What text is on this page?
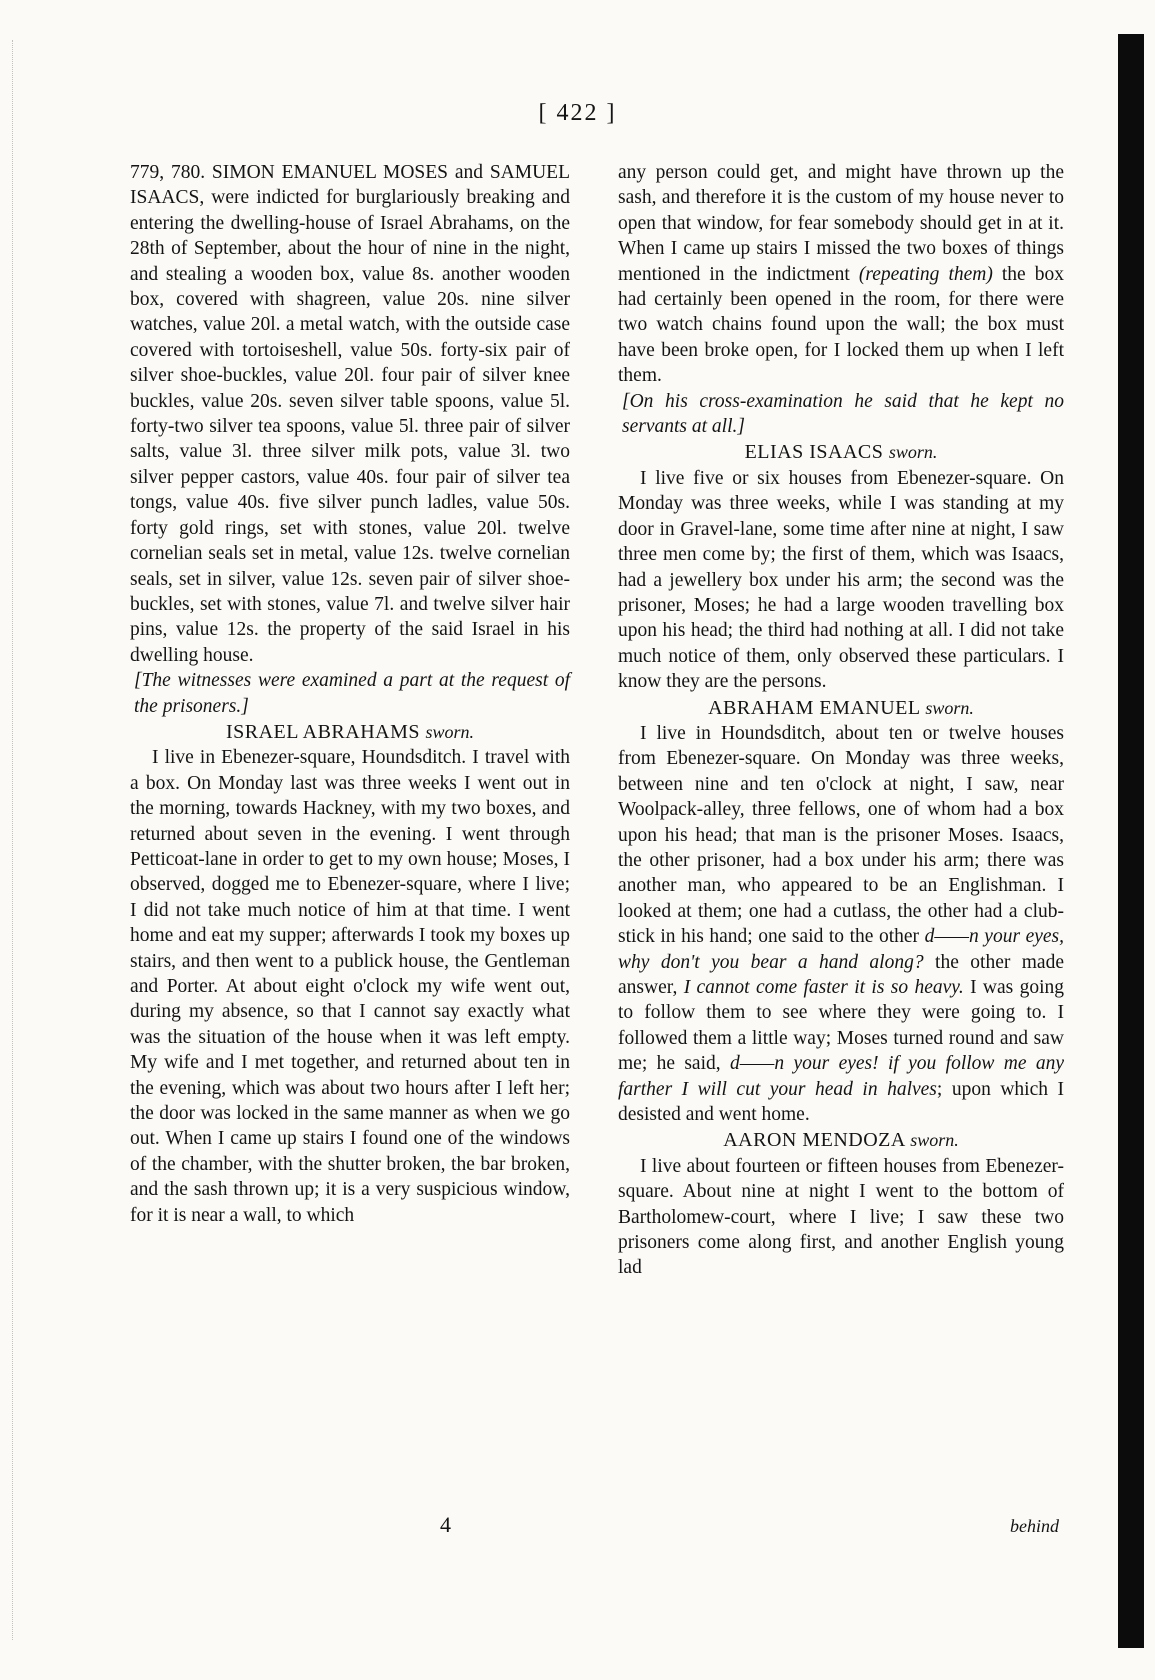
[ 422 ]

779, 780. SIMON EMANUEL MOSES and SAMUEL ISAACS, were indicted for burglariously breaking and entering the dwelling-house of Israel Abrahams, on the 28th of September, about the hour of nine in the night, and stealing a wooden box, value 8s. another wooden box, covered with shagreen, value 20s. nine silver watches, value 20l. a metal watch, with the outside case covered with tortoiseshell, value 50s. forty-six pair of silver shoe-buckles, value 20l. four pair of silver knee buckles, value 20s. seven silver table spoons, value 5l. forty-two silver tea spoons, value 5l. three pair of silver salts, value 3l. three silver milk pots, value 3l. two silver pepper castors, value 40s. four pair of silver tea tongs, value 40s. five silver punch ladles, value 50s. forty gold rings, set with stones, value 20l. twelve cornelian seals set in metal, value 12s. twelve cornelian seals, set in silver, value 12s. seven pair of silver shoe-buckles, set with stones, value 7l. and twelve silver hair pins, value 12s. the property of the said Israel in his dwelling house.

[The witnesses were examined a part at the request of the prisoners.]

ISRAEL ABRAHAMS sworn.

I live in Ebenezer-square, Houndsditch. I travel with a box. On Monday last was three weeks I went out in the morning, towards Hackney, with my two boxes, and returned about seven in the evening. I went through Petticoat-lane in order to get to my own house; Moses, I observed, dogged me to Ebenezer-square, where I live; I did not take much notice of him at that time. I went home and eat my supper; afterwards I took my boxes up stairs, and then went to a publick house, the Gentleman and Porter. At about eight o'clock my wife went out, during my absence, so that I cannot say exactly what was the situation of the house when it was left empty. My wife and I met together, and returned about ten in the evening, which was about two hours after I left her; the door was locked in the same manner as when we go out. When I came up stairs I found one of the windows of the chamber, with the shutter broken, the bar broken, and the sash thrown up; it is a very suspicious window, for it is near a wall, to which

any person could get, and might have thrown up the sash, and therefore it is the custom of my house never to open that window, for fear somebody should get in at it. When I came up stairs I missed the two boxes of things mentioned in the indictment (repeating them) the box had certainly been opened in the room, for there were two watch chains found upon the wall; the box must have been broke open, for I locked them up when I left them.

[On his cross-examination he said that he kept no servants at all.]

ELIAS ISAACS sworn.

I live five or six houses from Ebenezer-square. On Monday was three weeks, while I was standing at my door in Gravel-lane, some time after nine at night, I saw three men come by; the first of them, which was Isaacs, had a jewellery box under his arm; the second was the prisoner, Moses; he had a large wooden travelling box upon his head; the third had nothing at all. I did not take much notice of them, only observed these particulars. I know they are the persons.

ABRAHAM EMANUEL sworn.

I live in Houndsditch, about ten or twelve houses from Ebenezer-square. On Monday was three weeks, between nine and ten o'clock at night, I saw, near Woolpack-alley, three fellows, one of whom had a box upon his head; that man is the prisoner Moses. Isaacs, the other prisoner, had a box under his arm; there was another man, who appeared to be an Englishman. I looked at them; one had a cutlass, the other had a club-stick in his hand; one said to the other d——n your eyes, why don't you bear a hand along? the other made answer, I cannot come faster it is so heavy. I was going to follow them to see where they were going to. I followed them a little way; Moses turned round and saw me; he said, d——n your eyes! if you follow me any farther I will cut your head in halves; upon which I desisted and went home.

AARON MENDOZA sworn.

I live about fourteen or fifteen houses from Ebenezer-square. About nine at night I went to the bottom of Bartholomew-court, where I live; I saw these two prisoners come along first, and another English young lad

4	behind
